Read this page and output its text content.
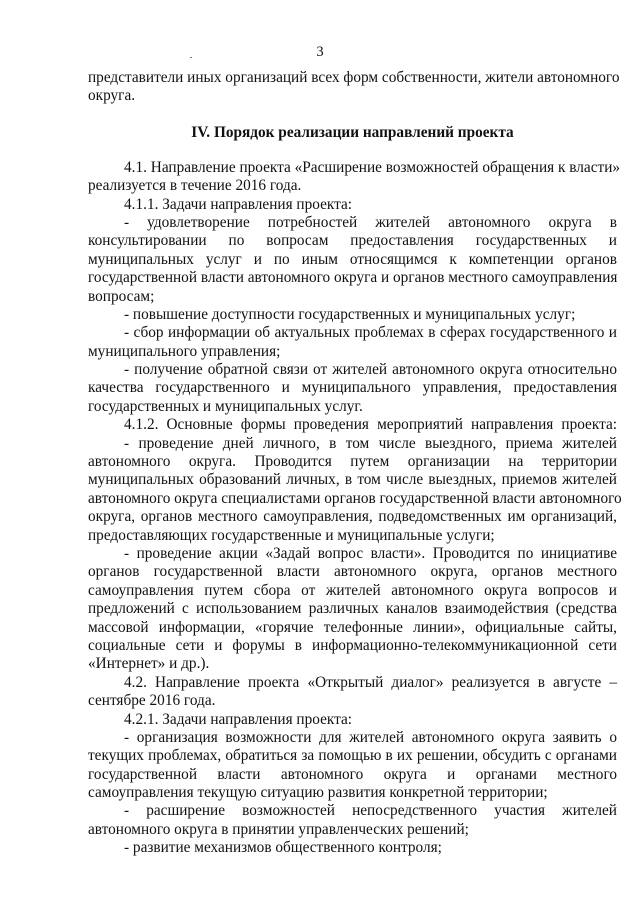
3
представители иных организаций всех форм собственности, жители автономного
округа.
IV. Порядок реализации направлений проекта
4.1. Направление проекта «Расширение возможностей обращения к власти»
реализуется в течение 2016 года.
4.1.1. Задачи направления проекта:
- удовлетворение потребностей жителей автономного округа в
консультировании по вопросам предоставления государственных и
муниципальных услуг и по иным относящимся к компетенции органов
государственной власти автономного округа и органов местного самоуправления
вопросам;
- повышение доступности государственных и муниципальных услуг;
- сбор информации об актуальных проблемах в сферах государственного и
муниципального управления;
- получение обратной связи от жителей автономного округа относительно
качества государственного и муниципального управления, предоставления
государственных и муниципальных услуг.
4.1.2. Основные формы проведения мероприятий направления проекта:
- проведение дней личного, в том числе выездного, приема жителей
автономного округа. Проводится путем организации на территории
муниципальных образований личных, в том числе выездных, приемов жителей
автономного округа специалистами органов государственной власти автономного
округа, органов местного самоуправления, подведомственных им организаций,
предоставляющих государственные и муниципальные услуги;
- проведение акции «Задай вопрос власти». Проводится по инициативе
органов государственной власти автономного округа, органов местного
самоуправления путем сбора от жителей автономного округа вопросов и
предложений с использованием различных каналов взаимодействия (средства
массовой информации, «горячие телефонные линии», официальные сайты,
социальные сети и форумы в информационно-телекоммуникационной сети
«Интернет» и др.).
4.2. Направление проекта «Открытый диалог» реализуется в августе –
сентябре 2016 года.
4.2.1. Задачи направления проекта:
- организация возможности для жителей автономного округа заявить о
текущих проблемах, обратиться за помощью в их решении, обсудить с органами
государственной власти автономного округа и органами местного
самоуправления текущую ситуацию развития конкретной территории;
- расширение возможностей непосредственного участия жителей
автономного округа в принятии управленческих решений;
- развитие механизмов общественного контроля;
